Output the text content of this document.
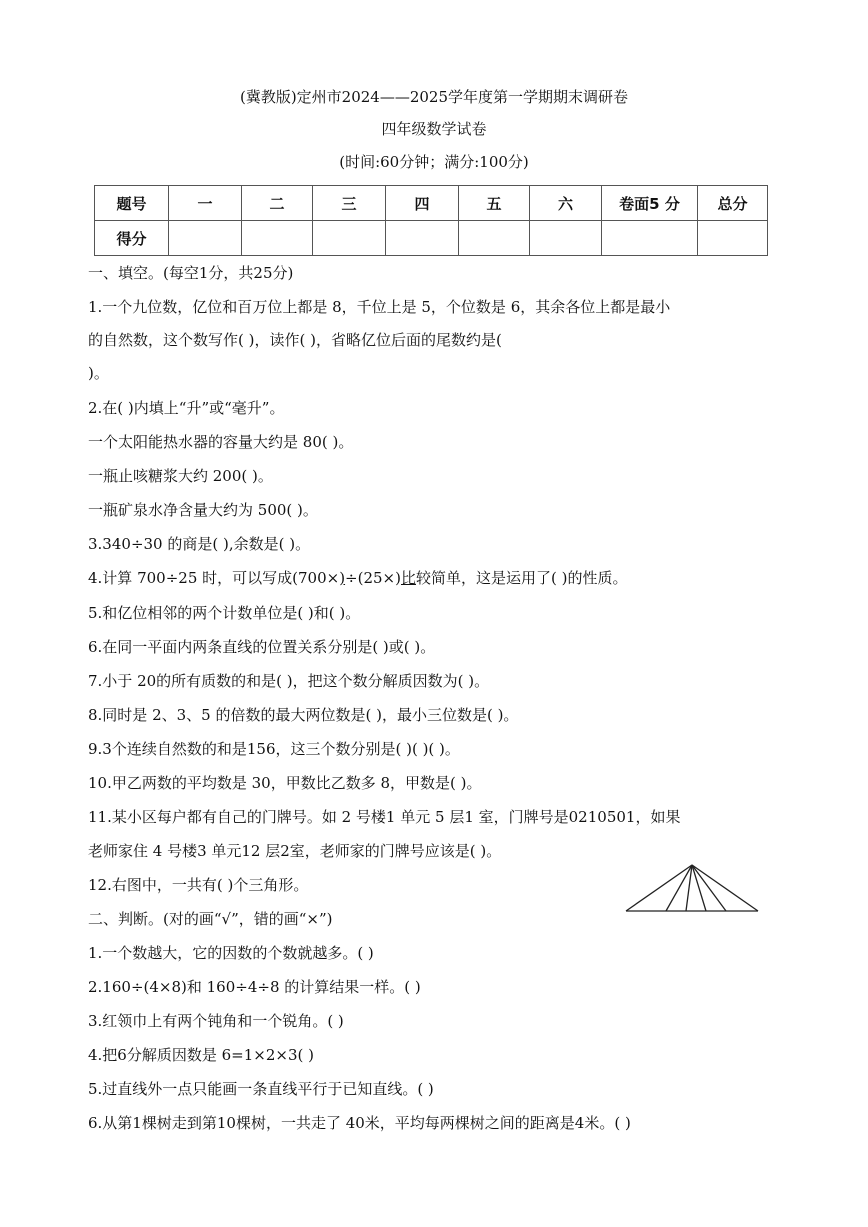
(冀教版)定州市2024——2025学年度第一学期期末调研卷
四年级数学试卷
(时间:60分钟；满分:100分)
题号	一	二	三	四	五	六	卷面5 分	总分
得分								
一、填空。(每空1分，共25分)
1.一个九位数，亿位和百万位上都是 8，千位上是 5，个位数是 6，其余各位上都是最小
的自然数，这个数写作( )，读作( )，省略亿位后面的尾数约是(
)。
2.在( )内填上“升”或“毫升”。
一个太阳能热水器的容量大约是 80( )。
一瓶止咳糖浆大约 200( )。
一瓶矿泉水净含量大约为 500( )。
3.340÷30 的商是( ),余数是( )。
4.计算 700÷25 时，可以写成(700×)÷(25×)比较简单，这是运用了( )的性质。
5.和亿位相邻的两个计数单位是( )和( )。
6.在同一平面内两条直线的位置关系分别是( )或( )。
7.小于 20的所有质数的和是( )，把这个数分解质因数为( )。
8.同时是 2、3、5 的倍数的最大两位数是( )，最小三位数是( )。
9.3个连续自然数的和是156，这三个数分别是( )( )( )。
10.甲乙两数的平均数是 30，甲数比乙数多 8，甲数是( )。
11.某小区每户都有自己的门牌号。如 2 号楼1 单元 5 层1 室，门牌号是0210501，如果
老师家住 4 号楼3 单元12 层2室，老师家的门牌号应该是( )。
12.右图中，一共有( )个三角形。
二、判断。(对的画“√”，错的画“×”)
1.一个数越大，它的因数的个数就越多。( )
2.160÷(4×8)和 160÷4÷8 的计算结果一样。( )
3.红领巾上有两个钝角和一个锐角。( )
4.把6分解质因数是 6=1×2×3( )
5.过直线外一点只能画一条直线平行于已知直线。( )
6.从第1棵树走到第10棵树，一共走了 40米，平均每两棵树之间的距离是4米。( )
